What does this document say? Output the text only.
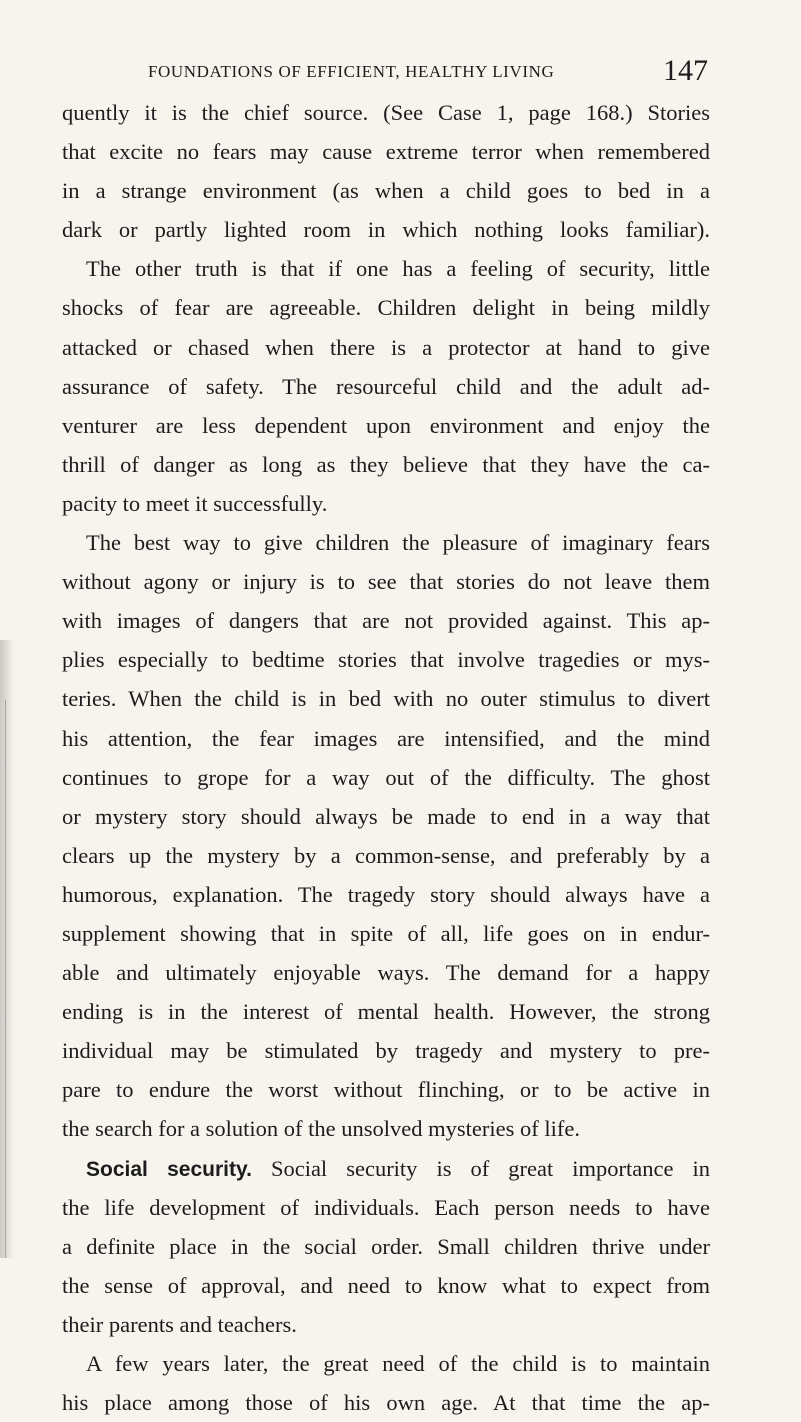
FOUNDATIONS OF EFFICIENT, HEALTHY LIVING	147
quently it is the chief source. (See Case 1, page 168.) Stories
that excite no fears may cause extreme terror when remembered
in a strange environment (as when a child goes to bed in a
dark or partly lighted room in which nothing looks familiar).
The other truth is that if one has a feeling of security, little
shocks of fear are agreeable. Children delight in being mildly
attacked or chased when there is a protector at hand to give
assurance of safety. The resourceful child and the adult ad-
venturer are less dependent upon environment and enjoy the
thrill of danger as long as they believe that they have the ca-
pacity to meet it successfully.
The best way to give children the pleasure of imaginary fears
without agony or injury is to see that stories do not leave them
with images of dangers that are not provided against. This ap-
plies especially to bedtime stories that involve tragedies or mys-
teries. When the child is in bed with no outer stimulus to divert
his attention, the fear images are intensified, and the mind
continues to grope for a way out of the difficulty. The ghost
or mystery story should always be made to end in a way that
clears up the mystery by a common-sense, and preferably by a
humorous, explanation. The tragedy story should always have a
supplement showing that in spite of all, life goes on in endur-
able and ultimately enjoyable ways. The demand for a happy
ending is in the interest of mental health. However, the strong
individual may be stimulated by tragedy and mystery to pre-
pare to endure the worst without flinching, or to be active in
the search for a solution of the unsolved mysteries of life.
Social security. Social security is of great importance in
the life development of individuals. Each person needs to have
a definite place in the social order. Small children thrive under
the sense of approval, and need to know what to expect from
their parents and teachers.
A few years later, the great need of the child is to maintain
his place among those of his own age. At that time the ap-
